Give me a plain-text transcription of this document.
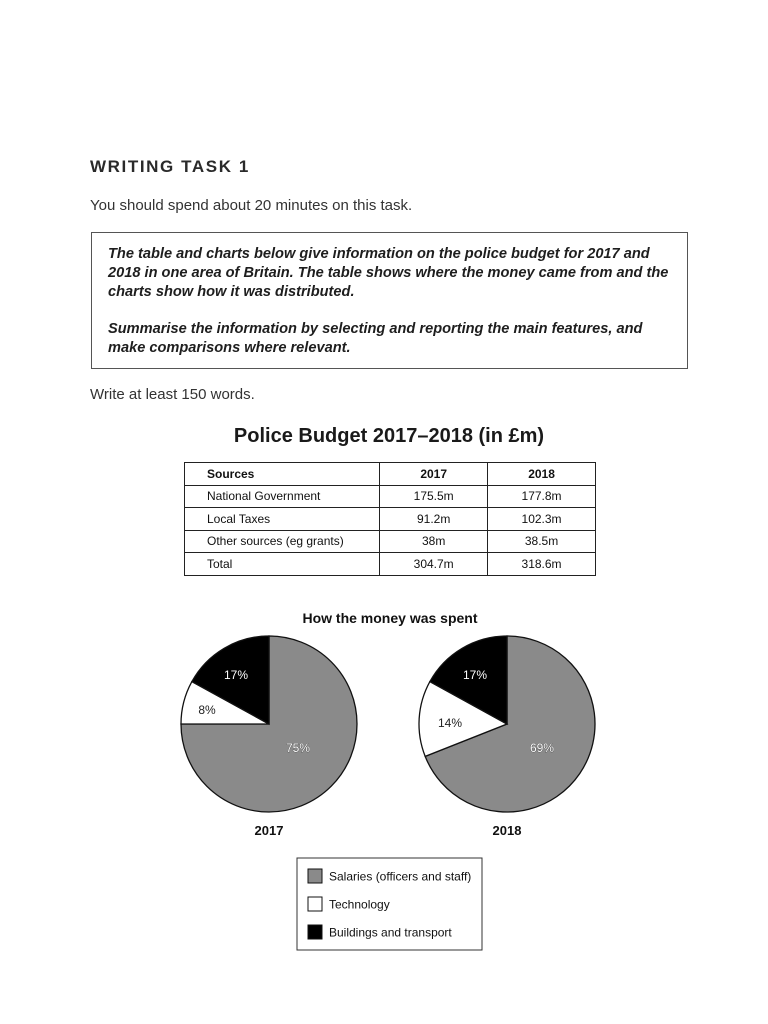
WRITING TASK 1
You should spend about 20 minutes on this task.

The table and charts below give information on the police budget for 2017 and 2018 in one area of Britain. The table shows where the money came from and the charts show how it was distributed.

Summarise the information by selecting and reporting the main features, and make comparisons where relevant.

Write at least 150 words.
Police Budget 2017–2018 (in £m)
Sources	2017	2018
National Government	175.5m	177.8m
Local Taxes	91.2m	102.3m
Other sources (eg grants)	38m	38.5m
Total	304.7m	318.6m
How the money was spent
75%
8%
17%
2017
69%
14%
17%
2018
Salaries (officers and staff)
Technology
Buildings and transport
